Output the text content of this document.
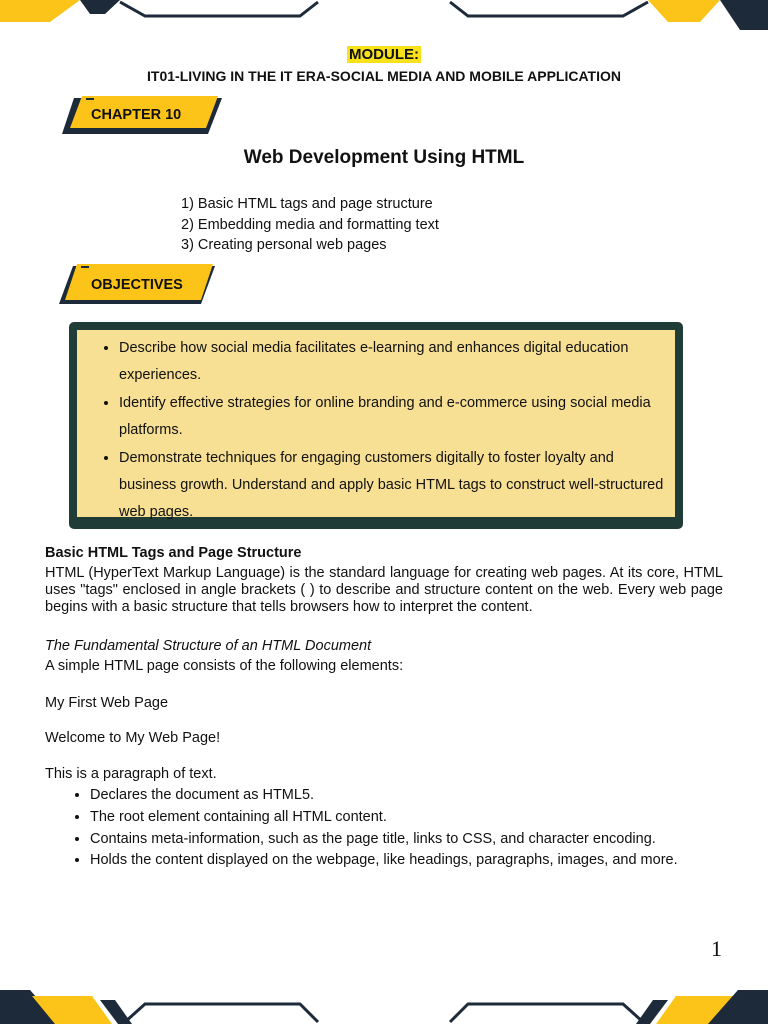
MODULE:
IT01-LIVING IN THE IT ERA-SOCIAL MEDIA AND MOBILE APPLICATION
CHAPTER 10
Web Development Using HTML
1) Basic HTML tags and page structure
2) Embedding media and formatting text
3) Creating personal web pages
OBJECTIVES
• Describe how social media facilitates e-learning and enhances digital education experiences.
• Identify effective strategies for online branding and e-commerce using social media platforms.
• Demonstrate techniques for engaging customers digitally to foster loyalty and business growth. Understand and apply basic HTML tags to construct well-structured web pages.
Basic HTML Tags and Page Structure

HTML (HyperText Markup Language) is the standard language for creating web pages. At its core, HTML uses "tags" enclosed in angle brackets ( ) to describe and structure content on the web. Every web page begins with a basic structure that tells browsers how to interpret the content.

The Fundamental Structure of an HTML Document
A simple HTML page consists of the following elements:
My First Web Page
Welcome to My Web Page!
This is a paragraph of text.
• Declares the document as HTML5.
• The root element containing all HTML content.
• Contains meta-information, such as the page title, links to CSS, and character encoding.
• Holds the content displayed on the webpage, like headings, paragraphs, images, and more.
1
